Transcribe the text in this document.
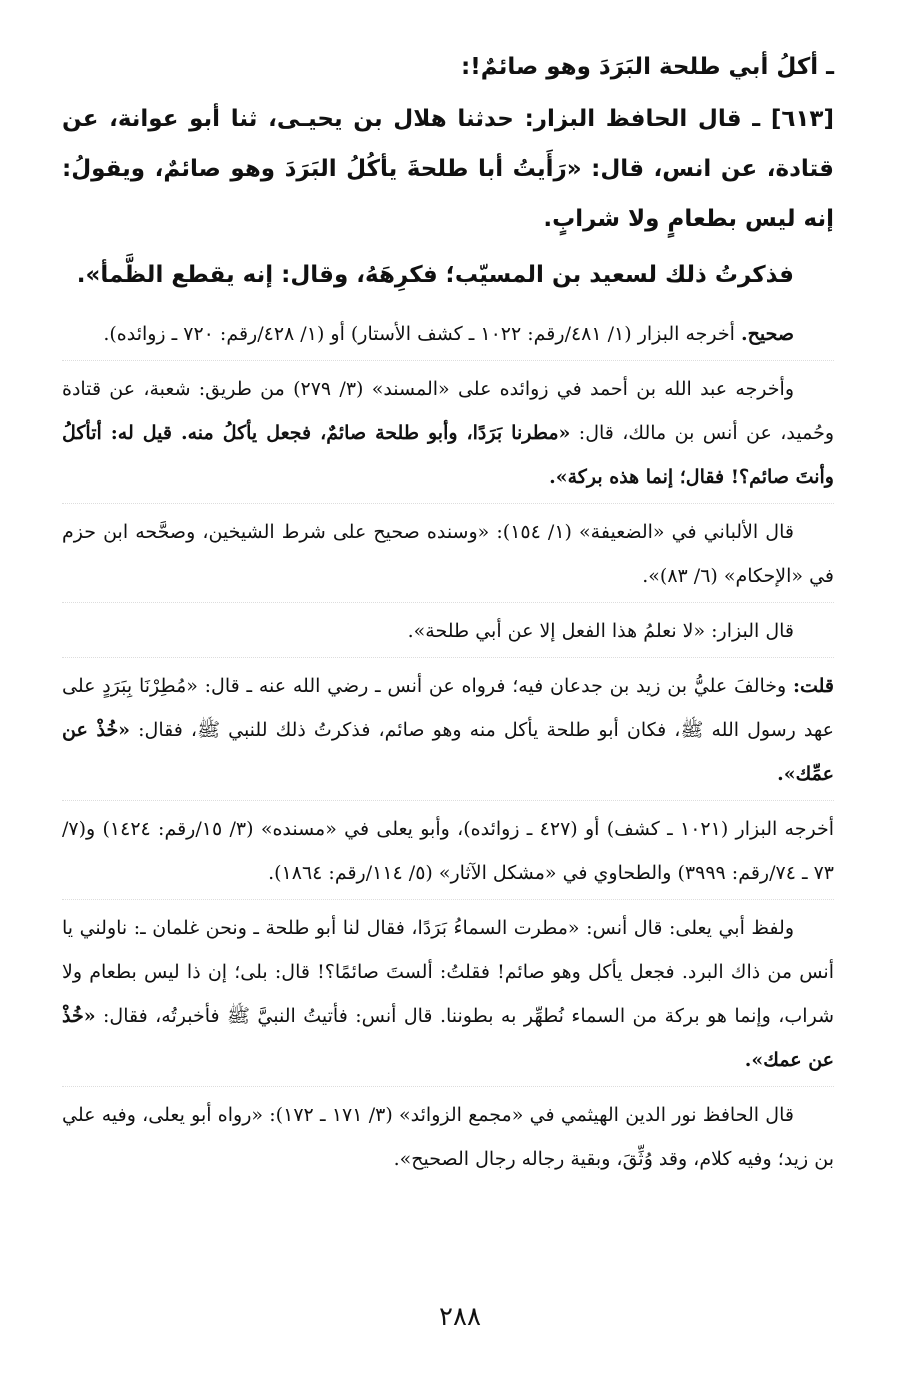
ـ أكلُ أبي طلحة البَرَدَ وهو صائمٌ!:

[٦١٣] ـ قال الحافظ البزار: حدثنا هلال بن يحيـى، ثنا أبو عوانة، عن قتادة، عن انس، قال: «رَأَيتُ أبا طلحةَ يأكُلُ البَرَدَ وهو صائمٌ، ويقولُ: إنه ليس بطعامٍ ولا شرابٍ.

فذكرتُ ذلك لسعيد بن المسيّب؛ فكرِهَهُ، وقال: إنه يقطع الظَّمأ».

صحيح. أخرجه البزار (١/ ٤٨١/رقم: ١٠٢٢ ـ كشف الأستار) أو (١/ ٤٢٨/رقم: ٧٢٠ ـ زوائده).

وأخرجه عبد الله بن أحمد في زوائده على «المسند» (٣/ ٢٧٩) من طريق: شعبة، عن قتادة وحُميد، عن أنس بن مالك، قال: «مطرنا بَرَدًا، وأبو طلحة صائمٌ، فجعل يأكلُ منه. قيل له: أتأكلُ وأنتَ صائم؟! فقال؛ إنما هذه بركة».

قال الألباني في «الضعيفة» (١/ ١٥٤): «وسنده صحيح على شرط الشيخين، وصحَّحه ابن حزم في «الإحكام» (٦/ ٨٣)».

قال البزار: «لا نعلمُ هذا الفعل إلا عن أبي طلحة».

قلت: وخالفَ عليُّ بن زيد بن جدعان فيه؛ فرواه عن أنس ـ رضي الله عنه ـ قال: «مُطِرْنَا بِبَرَدٍ على عهد رسول الله ﷺ، فكان أبو طلحة يأكل منه وهو صائم، فذكرتُ ذلك للنبي ﷺ، فقال: «خُذْ عن عمِّك».

أخرجه البزار (١٠٢١ ـ كشف) أو (٤٢٧ ـ زوائده)، وأبو يعلى في «مسنده» (٣/ ١٥/رقم: ١٤٢٤) و(٧/ ٧٣ ـ ٧٤/رقم: ٣٩٩٩) والطحاوي في «مشكل الآثار» (٥/ ١١٤/رقم: ١٨٦٤).

ولفظ أبي يعلى: قال أنس: «مطرت السماءُ بَرَدًا، فقال لنا أبو طلحة ـ ونحن غلمان ـ: ناولني يا أنس من ذاك البرد. فجعل يأكل وهو صائم! فقلتُ: ألستَ صائمًا؟! قال: بلى؛ إن ذا ليس بطعام ولا شراب، وإنما هو بركة من السماء نُطهِّر به بطوننا. قال أنس: فأتيتُ النبيَّ ﷺ فأخبرتُه، فقال: «خُذْ عن عمك».

قال الحافظ نور الدين الهيثمي في «مجمع الزوائد» (٣/ ١٧١ ـ ١٧٢): «رواه أبو يعلى، وفيه علي بن زيد؛ وفيه كلام، وقد وُثِّقَ، وبقية رجاله رجال الصحيح».

٢٨٨
